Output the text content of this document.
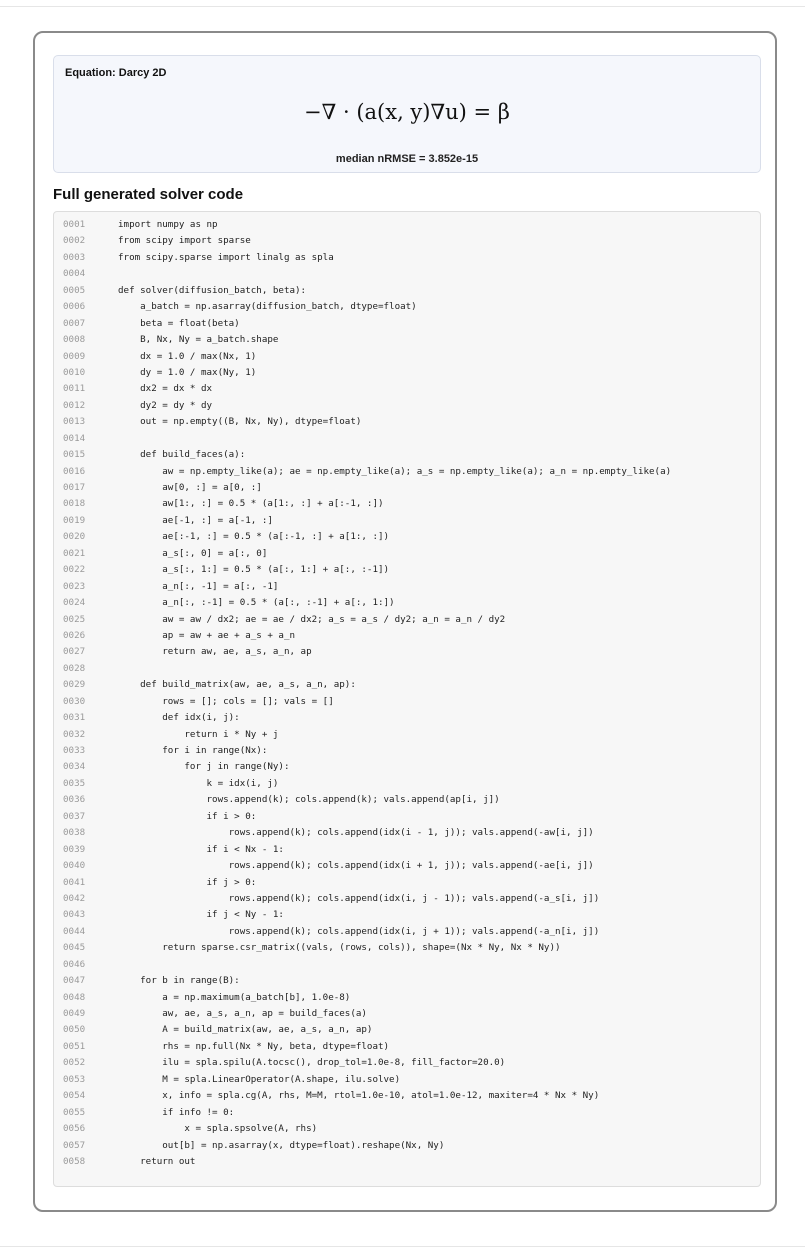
Equation: Darcy 2D
−∇ · (a(x, y)∇u) = β
median nRMSE = 3.852e-15
Full generated solver code
0001	import numpy as np
0002	from scipy import sparse
0003	from scipy.sparse import linalg as spla
0004
0005	def solver(diffusion_batch, beta):
0006	a_batch = np.asarray(diffusion_batch, dtype=float)
0007	beta = float(beta)
0008	B, Nx, Ny = a_batch.shape
0009	dx = 1.0 / max(Nx, 1)
0010	dy = 1.0 / max(Ny, 1)
0011	dx2 = dx * dx
0012	dy2 = dy * dy
0013	out = np.empty((B, Nx, Ny), dtype=float)
0014
0015	def build_faces(a):
0016	aw = np.empty_like(a); ae = np.empty_like(a); a_s = np.empty_like(a); a_n = np.empty_like(a)
0017	aw[0, :] = a[0, :]
0018	aw[1:, :] = 0.5 * (a[1:, :] + a[:-1, :])
0019	ae[-1, :] = a[-1, :]
0020	ae[:-1, :] = 0.5 * (a[:-1, :] + a[1:, :])
0021	a_s[:, 0] = a[:, 0]
0022	a_s[:, 1:] = 0.5 * (a[:, 1:] + a[:, :-1])
0023	a_n[:, -1] = a[:, -1]
0024	a_n[:, :-1] = 0.5 * (a[:, :-1] + a[:, 1:])
0025	aw = aw / dx2; ae = ae / dx2; a_s = a_s / dy2; a_n = a_n / dy2
0026	ap = aw + ae + a_s + a_n
0027	return aw, ae, a_s, a_n, ap
0028
0029	def build_matrix(aw, ae, a_s, a_n, ap):
0030	rows = []; cols = []; vals = []
0031	def idx(i, j):
0032	return i * Ny + j
0033	for i in range(Nx):
0034	for j in range(Ny):
0035	k = idx(i, j)
0036	rows.append(k); cols.append(k); vals.append(ap[i, j])
0037	if i > 0:
0038	rows.append(k); cols.append(idx(i - 1, j)); vals.append(-aw[i, j])
0039	if i < Nx - 1:
0040	rows.append(k); cols.append(idx(i + 1, j)); vals.append(-ae[i, j])
0041	if j > 0:
0042	rows.append(k); cols.append(idx(i, j - 1)); vals.append(-a_s[i, j])
0043	if j < Ny - 1:
0044	rows.append(k); cols.append(idx(i, j + 1)); vals.append(-a_n[i, j])
0045	return sparse.csr_matrix((vals, (rows, cols)), shape=(Nx * Ny, Nx * Ny))
0046
0047	for b in range(B):
0048	a = np.maximum(a_batch[b], 1.0e-8)
0049	aw, ae, a_s, a_n, ap = build_faces(a)
0050	A = build_matrix(aw, ae, a_s, a_n, ap)
0051	rhs = np.full(Nx * Ny, beta, dtype=float)
0052	ilu = spla.spilu(A.tocsc(), drop_tol=1.0e-8, fill_factor=20.0)
0053	M = spla.LinearOperator(A.shape, ilu.solve)
0054	x, info = spla.cg(A, rhs, M=M, rtol=1.0e-10, atol=1.0e-12, maxiter=4 * Nx * Ny)
0055	if info != 0:
0056	x = spla.spsolve(A, rhs)
0057	out[b] = np.asarray(x, dtype=float).reshape(Nx, Ny)
0058	return out
